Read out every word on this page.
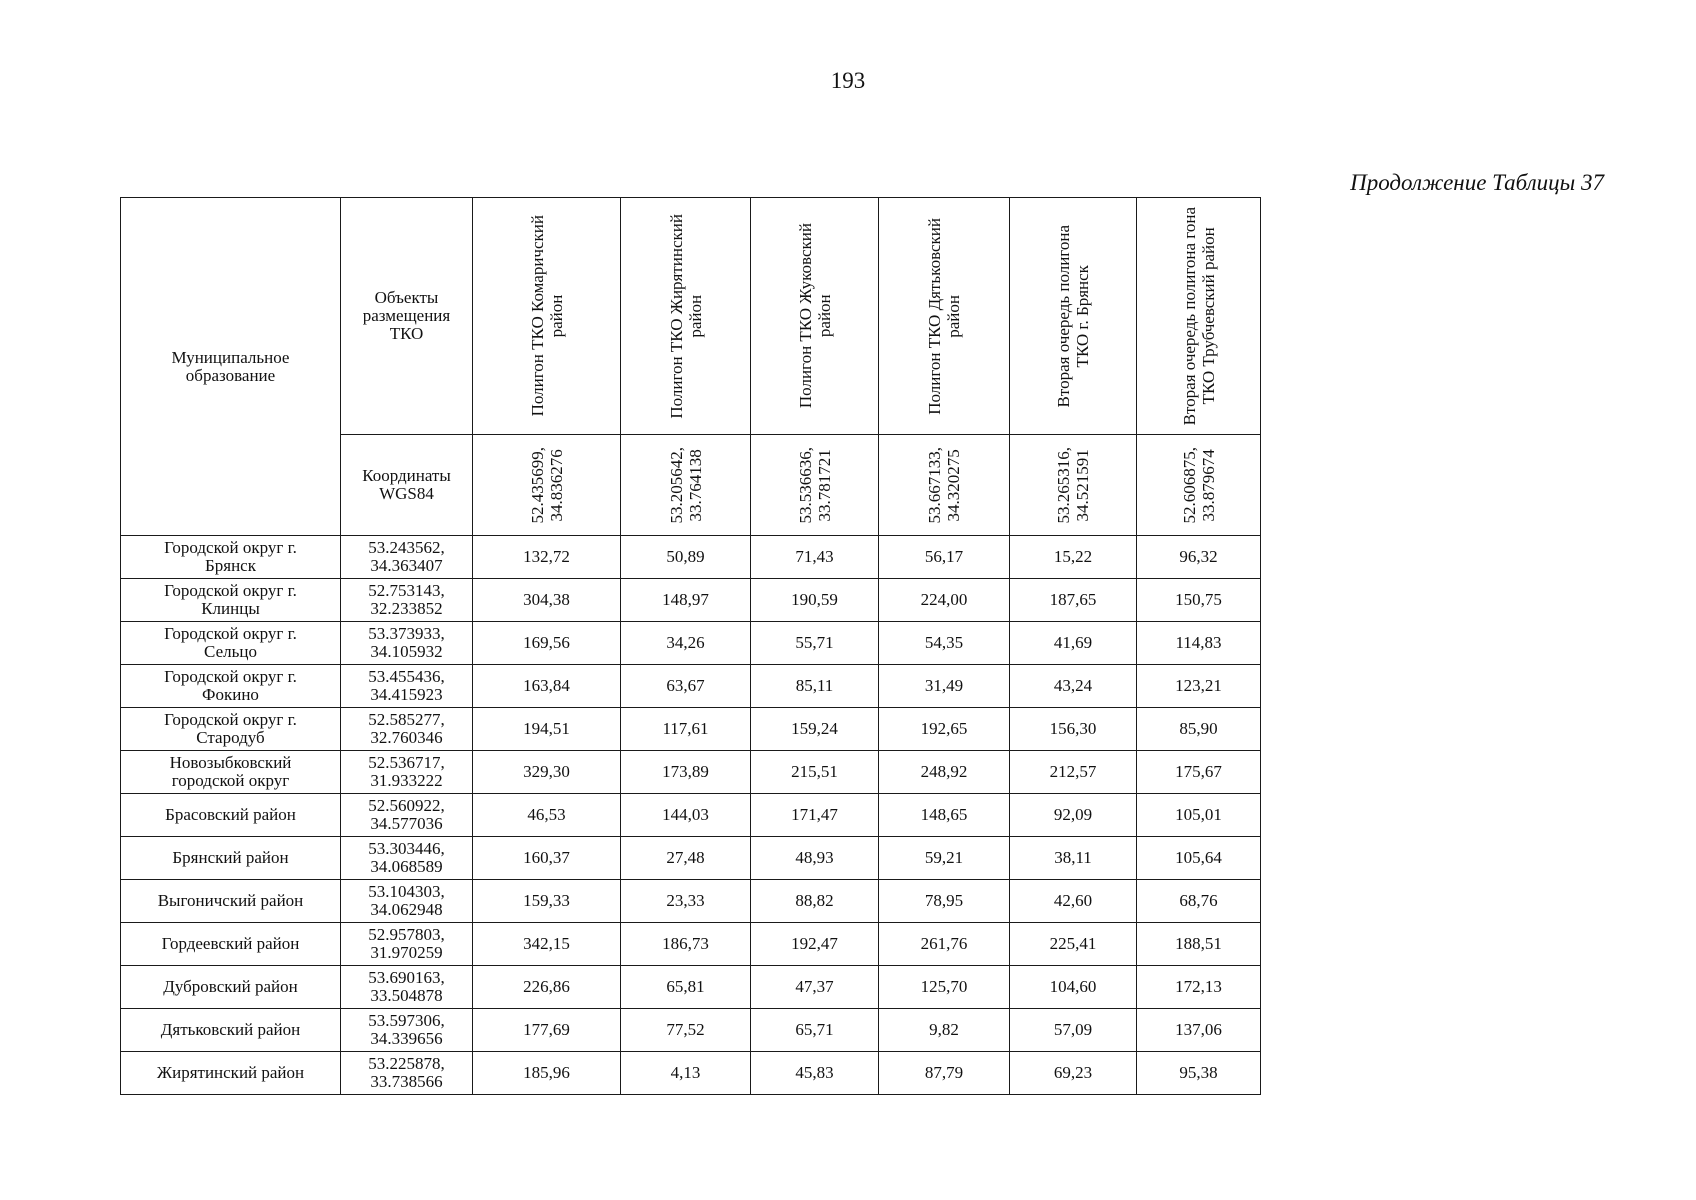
193
Продолжение Таблицы 37
Муниципальное
образование	Объекты
размещения
ТКО	Полигон ТКО Комаричский район	Полигон ТКО Жирятинский район	Полигон ТКО Жуковский район	Полигон ТКО Дятьковский район	Вторая очередь полигона ТКО г. Брянск	Вторая очередь полигона гона ТКО Трубчевский район

	Координаты
WGS84	52.435699, 34.836276	53.205642, 33.764138	53.536636, 33.781721	53.667133, 34.320275	53.265316, 34.521591	52.606875, 33.879674

Городской округ г.
Брянск	53.243562,
34.363407	132,72	50,89	71,43	56,17	15,22	96,32

Городской округ г.
Клинцы	52.753143,
32.233852	304,38	148,97	190,59	224,00	187,65	150,75

Городской округ г.
Сельцо	53.373933,
34.105932	169,56	34,26	55,71	54,35	41,69	114,83

Городской округ г.
Фокино	53.455436,
34.415923	163,84	63,67	85,11	31,49	43,24	123,21

Городской округ г.
Стародуб	52.585277,
32.760346	194,51	117,61	159,24	192,65	156,30	85,90

Новозыбковский
городской округ	52.536717,
31.933222	329,30	173,89	215,51	248,92	212,57	175,67

Брасовский район	52.560922,
34.577036	46,53	144,03	171,47	148,65	92,09	105,01

Брянский район	53.303446,
34.068589	160,37	27,48	48,93	59,21	38,11	105,64

Выгоничский район	53.104303,
34.062948	159,33	23,33	88,82	78,95	42,60	68,76

Гордеевский район	52.957803,
31.970259	342,15	186,73	192,47	261,76	225,41	188,51

Дубровский район	53.690163,
33.504878	226,86	65,81	47,37	125,70	104,60	172,13

Дятьковский район	53.597306,
34.339656	177,69	77,52	65,71	9,82	57,09	137,06

Жирятинский район	53.225878,
33.738566	185,96	4,13	45,83	87,79	69,23	95,38
